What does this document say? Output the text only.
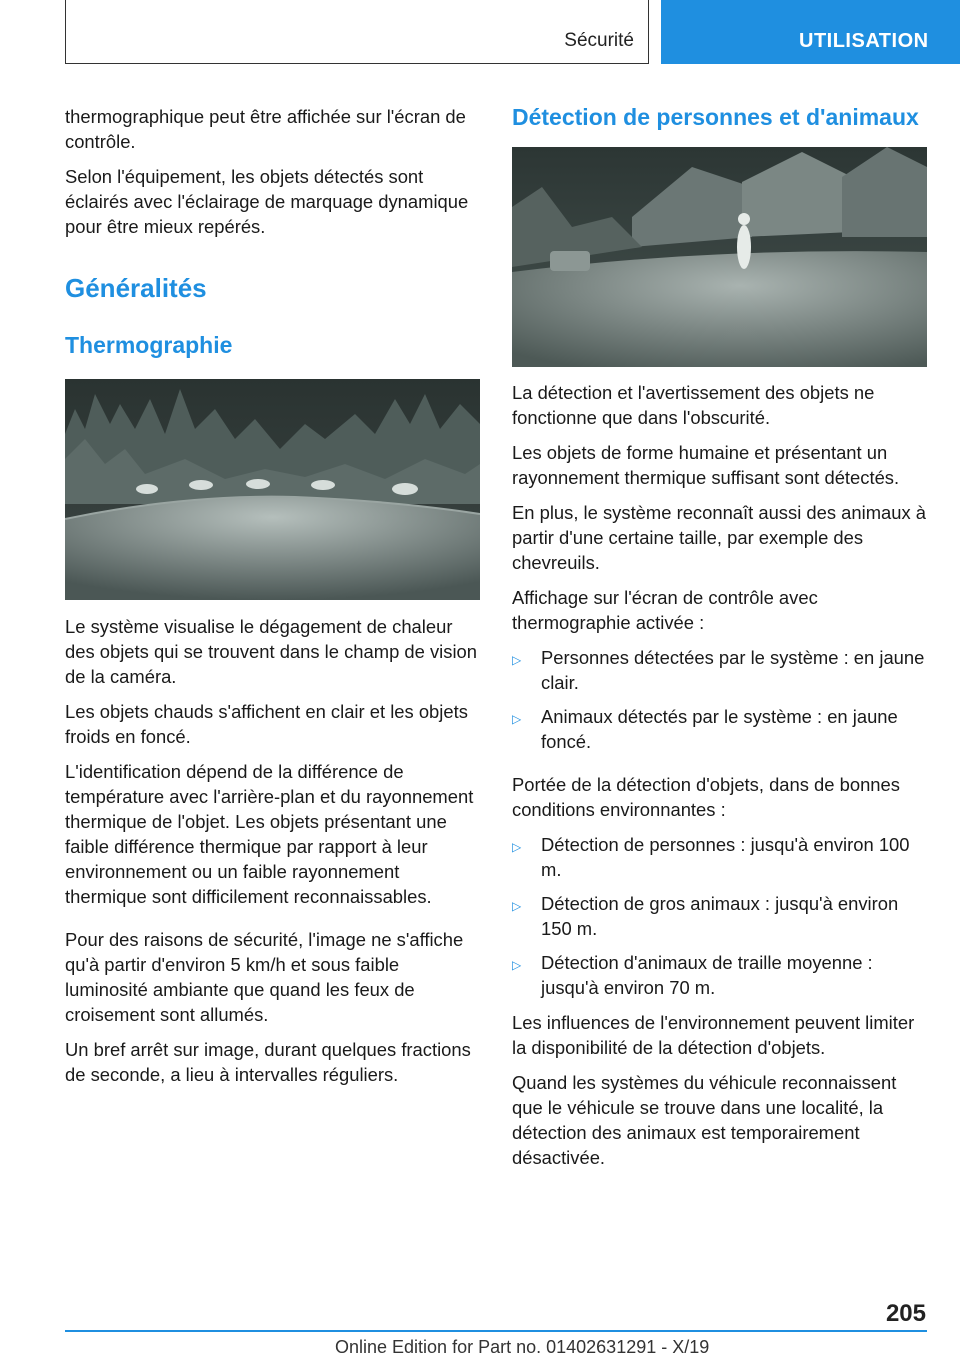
Sécurité	UTILISATION

thermographique peut être affichée sur l'écran de contrôle.

Selon l'équipement, les objets détectés sont éclairés avec l'éclairage de marquage dynamique pour être mieux repérés.

Généralités
Thermographie

Le système visualise le dégagement de chaleur des objets qui se trouvent dans le champ de vision de la caméra.

Les objets chauds s'affichent en clair et les objets froids en foncé.

L'identification dépend de la différence de température avec l'arrière-plan et du rayonnement thermique de l'objet. Les objets présentant une faible différence thermique par rapport à leur environnement ou un faible rayonnement thermique sont difficilement reconnaissables.

Pour des raisons de sécurité, l'image ne s'affiche qu'à partir d'environ 5 km/h et sous faible luminosité ambiante que quand les feux de croisement sont allumés.

Un bref arrêt sur image, durant quelques fractions de seconde, a lieu à intervalles réguliers.

Détection de personnes et d'animaux

La détection et l'avertissement des objets ne fonctionne que dans l'obscurité.

Les objets de forme humaine et présentant un rayonnement thermique suffisant sont détectés.

En plus, le système reconnaît aussi des animaux à partir d'une certaine taille, par exemple des chevreuils.

Affichage sur l'écran de contrôle avec thermographie activée :

▷ Personnes détectées par le système : en jaune clair.
▷ Animaux détectés par le système : en jaune foncé.

Portée de la détection d'objets, dans de bonnes conditions environnantes :

▷ Détection de personnes : jusqu'à environ 100 m.
▷ Détection de gros animaux : jusqu'à environ 150 m.
▷ Détection d'animaux de traille moyenne : jusqu'à environ 70 m.

Les influences de l'environnement peuvent limiter la disponibilité de la détection d'objets.

Quand les systèmes du véhicule reconnaissent que le véhicule se trouve dans une localité, la détection des animaux est temporairement désactivée.

205
Online Edition for Part no. 01402631291 - X/19
